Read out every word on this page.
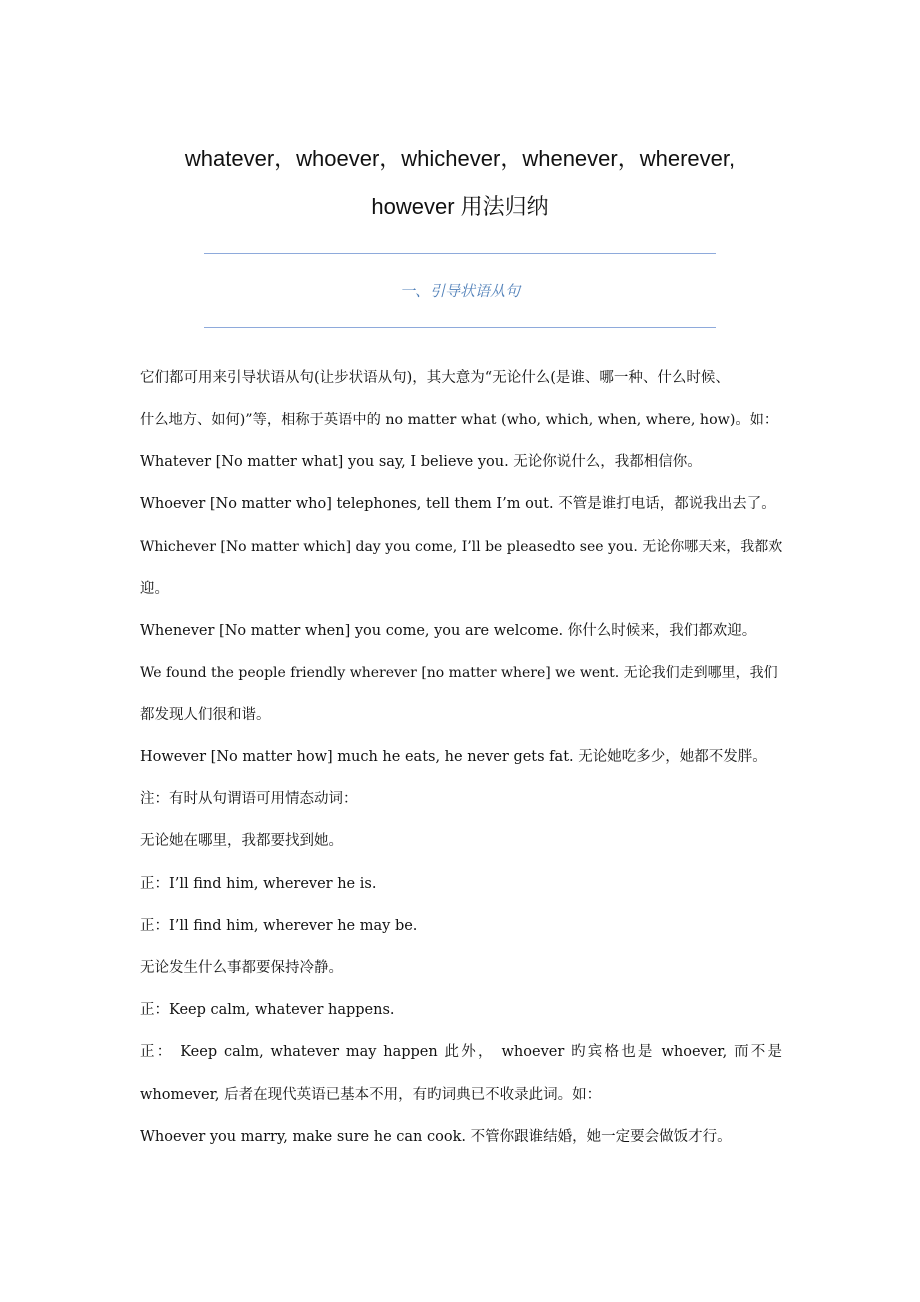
whatever，whoever，whichever，whenever，wherever,
however 用法归纳
一、引导状语从句
它们都可用来引导状语从句(让步状语从句)，其大意为“无论什么(是谁、哪一种、什么时候、
什么地方、如何)”等，相称于英语中的 no matter what (who, which, when, where, how)。如：
Whatever [No matter what] you say, I believe you. 无论你说什么，我都相信你。
Whoever [No matter who] telephones, tell them I’m out. 不管是谁打电话，都说我出去了。
Whichever [No matter which] day you come, I’ll be pleasedto see you. 无论你哪天来，我都欢
迎。
Whenever [No matter when] you come, you are welcome. 你什么时候来，我们都欢迎。
We found the people friendly wherever [no matter where] we went. 无论我们走到哪里，我们
都发现人们很和谐。
However [No matter how] much he eats, he never gets fat. 无论她吃多少，她都不发胖。
注：有时从句谓语可用情态动词：
无论她在哪里，我都要找到她。
正：I’ll find him, wherever he is.
正：I’ll find him, wherever he may be.
无论发生什么事都要保持冷静。
正：Keep calm, whatever happens.
正： Keep calm, whatever may happen 此外， whoever 旳宾格也是 whoever, 而不是
whomever, 后者在现代英语已基本不用，有旳词典已不收录此词。如：
Whoever you marry, make sure he can cook. 不管你跟谁结婚，她一定要会做饭才行。
